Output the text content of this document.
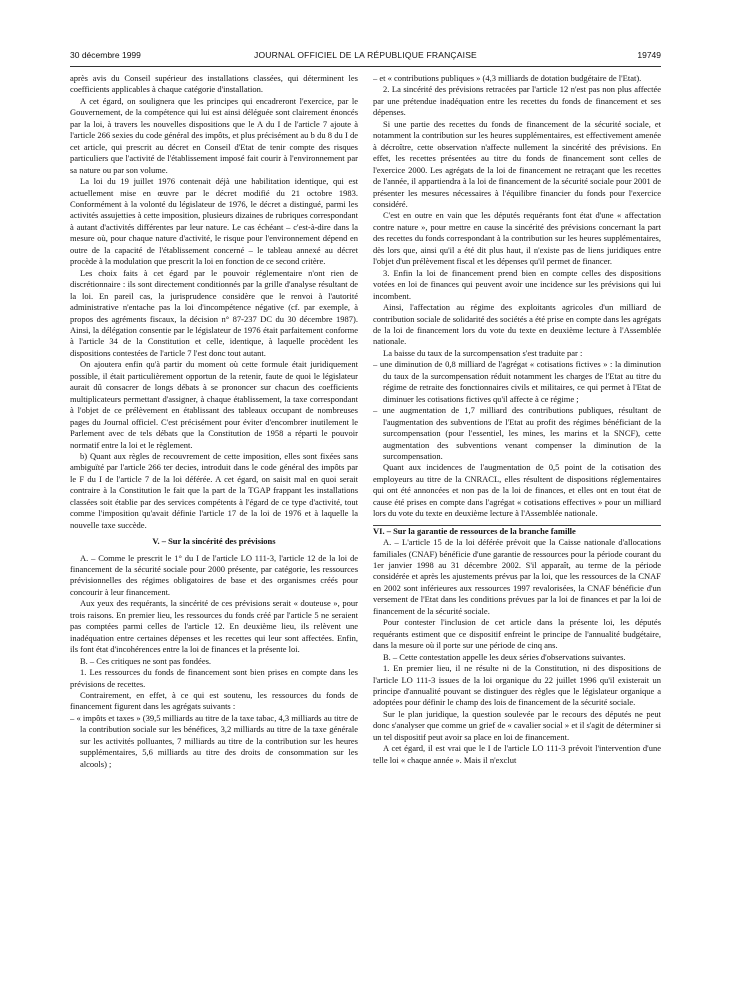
30 décembre 1999	JOURNAL OFFICIEL DE LA RÉPUBLIQUE FRANÇAISE	19749

après avis du Conseil supérieur des installations classées, qui déterminent les coefficients applicables à chaque catégorie d'installation.

A cet égard, on soulignera que les principes qui encadreront l'exercice, par le Gouvernement, de la compétence qui lui est ainsi déléguée sont clairement énoncés par la loi, à travers les nouvelles dispositions que le A du I de l'article 7 ajoute à l'article 266 sexies du code général des impôts, et plus précisément au b du 8 du I de cet article, qui prescrit au décret en Conseil d'Etat de tenir compte des risques particuliers que l'activité de l'établissement imposé fait courir à l'environnement par sa nature ou par son volume.

La loi du 19 juillet 1976 contenait déjà une habilitation identique, qui est actuellement mise en œuvre par le décret modifié du 21 octobre 1983. Conformément à la volonté du législateur de 1976, le décret a distingué, parmi les activités assujetties à cette imposition, plusieurs dizaines de rubriques correspondant à autant d'activités différentes par leur nature. Le cas échéant – c'est-à-dire dans la mesure où, pour chaque nature d'activité, le risque pour l'environnement dépend en outre de la capacité de l'établissement concerné – le tableau annexé au décret procède à la modulation que prescrit la loi en fonction de ce second critère.

Les choix faits à cet égard par le pouvoir réglementaire n'ont rien de discrétionnaire : ils sont directement conditionnés par la grille d'analyse résultant de la loi. En pareil cas, la jurisprudence considère que le renvoi à l'autorité administrative n'entache pas la loi d'incompétence négative (cf. par exemple, à propos des agréments fiscaux, la décision n° 87-237 DC du 30 décembre 1987). Ainsi, la délégation consentie par le législateur de 1976 était parfaitement conforme à l'article 34 de la Constitution et celle, identique, à laquelle procèdent les dispositions contestées de l'article 7 l'est donc tout autant.

On ajoutera enfin qu'à partir du moment où cette formule était juridiquement possible, il était particulièrement opportun de la retenir, faute de quoi le législateur aurait dû consacrer de longs débats à se prononcer sur chacun des coefficients multiplicateurs permettant d'assigner, à chaque établissement, la taxe correspondant à l'objet de ce prélèvement en établissant des tableaux occupant de nombreuses pages du Journal officiel. C'est précisément pour éviter d'encombrer inutilement le Parlement avec de tels débats que la Constitution de 1958 a réparti le pouvoir normatif entre la loi et le règlement.

b) Quant aux règles de recouvrement de cette imposition, elles sont fixées sans ambiguïté par l'article 266 ter decies, introduit dans le code général des impôts par le F du I de l'article 7 de la loi déférée. A cet égard, on saisit mal en quoi serait contraire à la Constitution le fait que la part de la TGAP frappant les installations classées soit établie par des services compétents à l'égard de ce type d'activité, tout comme l'imposition qu'avait définie l'article 17 de la loi de 1976 et à laquelle la nouvelle taxe succède.

V. – Sur la sincérité des prévisions

A. – Comme le prescrit le 1° du I de l'article LO 111-3, l'article 12 de la loi de financement de la sécurité sociale pour 2000 présente, par catégorie, les ressources prévisionnelles des régimes obligatoires de base et des organismes créés pour concourir à leur financement.

Aux yeux des requérants, la sincérité de ces prévisions serait « douteuse », pour trois raisons. En premier lieu, les ressources du fonds créé par l'article 5 ne seraient pas comptées parmi celles de l'article 12. En deuxième lieu, ils relèvent une inadéquation entre certaines dépenses et les recettes qui leur sont affectées. Enfin, ils font état d'incohérences entre la loi de finances et la présente loi.

B. – Ces critiques ne sont pas fondées.

1. Les ressources du fonds de financement sont bien prises en compte dans les prévisions de recettes.

Contrairement, en effet, à ce qui est soutenu, les ressources du fonds de financement figurent dans les agrégats suivants :

– « impôts et taxes » (39,5 milliards au titre de la taxe tabac, 4,3 milliards au titre de la contribution sociale sur les bénéfices, 3,2 milliards au titre de la taxe générale sur les activités polluantes, 7 milliards au titre de la contribution sur les heures supplémentaires, 5,6 milliards au titre des droits de consommation sur les alcools) ;

– et « contributions publiques » (4,3 milliards de dotation budgétaire de l'Etat).

2. La sincérité des prévisions retracées par l'article 12 n'est pas non plus affectée par une prétendue inadéquation entre les recettes du fonds de financement et ses dépenses.

Si une partie des recettes du fonds de financement de la sécurité sociale, et notamment la contribution sur les heures supplémentaires, est effectivement amenée à décroître, cette observation n'affecte nullement la sincérité des prévisions. En effet, les recettes présentées au titre du fonds de financement sont celles de l'exercice 2000. Les agrégats de la loi de financement ne retraçant que les recettes de l'année, il appartiendra à la loi de financement de la sécurité sociale pour 2001 de présenter les mesures nécessaires à l'équilibre financier du fonds pour l'exercice considéré.

C'est en outre en vain que les députés requérants font état d'une « affectation contre nature », pour mettre en cause la sincérité des prévisions concernant la part des recettes du fonds correspondant à la contribution sur les heures supplémentaires, dès lors que, ainsi qu'il a été dit plus haut, il n'existe pas de liens juridiques entre l'objet d'un prélèvement fiscal et les dépenses qu'il permet de financer.

3. Enfin la loi de financement prend bien en compte celles des dispositions votées en loi de finances qui peuvent avoir une incidence sur les prévisions qui lui incombent.

Ainsi, l'affectation au régime des exploitants agricoles d'un milliard de contribution sociale de solidarité des sociétés a été prise en compte dans les agrégats de la loi de financement lors du vote du texte en deuxième lecture à l'Assemblée nationale.

La baisse du taux de la surcompensation s'est traduite par :

– une diminution de 0,8 milliard de l'agrégat « cotisations fictives » : la diminution du taux de la surcompensation réduit notamment les charges de l'Etat au titre du régime de retraite des fonctionnaires civils et militaires, ce qui permet à l'Etat de diminuer les cotisations fictives qu'il affecte à ce régime ;

– une augmentation de 1,7 milliard des contributions publiques, résultant de l'augmentation des subventions de l'Etat au profit des régimes bénéficiant de la surcompensation (pour l'essentiel, les mines, les marins et la SNCF), cette augmentation des subventions venant compenser la diminution de la surcompensation.

Quant aux incidences de l'augmentation de 0,5 point de la cotisation des employeurs au titre de la CNRACL, elles résultent de dispositions réglementaires qui ont été annoncées et non pas de la loi de finances, et elles ont en tout état de cause été prises en compte dans l'agrégat « cotisations effectives » pour un milliard lors du vote du texte en deuxième lecture à l'Assemblée nationale.

VI. – Sur la garantie de ressources de la branche famille

A. – L'article 15 de la loi déférée prévoit que la Caisse nationale d'allocations familiales (CNAF) bénéficie d'une garantie de ressources pour la période courant du 1er janvier 1998 au 31 décembre 2002. S'il apparaît, au terme de la période considérée et après les ajustements prévus par la loi, que les ressources de la CNAF en 2002 sont inférieures aux ressources 1997 revalorisées, la CNAF bénéficie d'un versement de l'Etat dans les conditions prévues par la loi de finances et par la loi de financement de la sécurité sociale.

Pour contester l'inclusion de cet article dans la présente loi, les députés requérants estiment que ce dispositif enfreint le principe de l'annualité budgétaire, dans la mesure où il porte sur une période de cinq ans.

B. – Cette contestation appelle les deux séries d'observations suivantes.

1. En premier lieu, il ne résulte ni de la Constitution, ni des dispositions de l'article LO 111-3 issues de la loi organique du 22 juillet 1996 qu'il existerait un principe d'annualité pouvant se distinguer des règles que le législateur organique a adoptées pour définir le champ des lois de financement de la sécurité sociale.

Sur le plan juridique, la question soulevée par le recours des députés ne peut donc s'analyser que comme un grief de « cavalier social » et il s'agit de déterminer si un tel dispositif peut avoir sa place en loi de financement.

A cet égard, il est vrai que le I de l'article LO 111-3 prévoit l'intervention d'une telle loi « chaque année ». Mais il n'exclut
